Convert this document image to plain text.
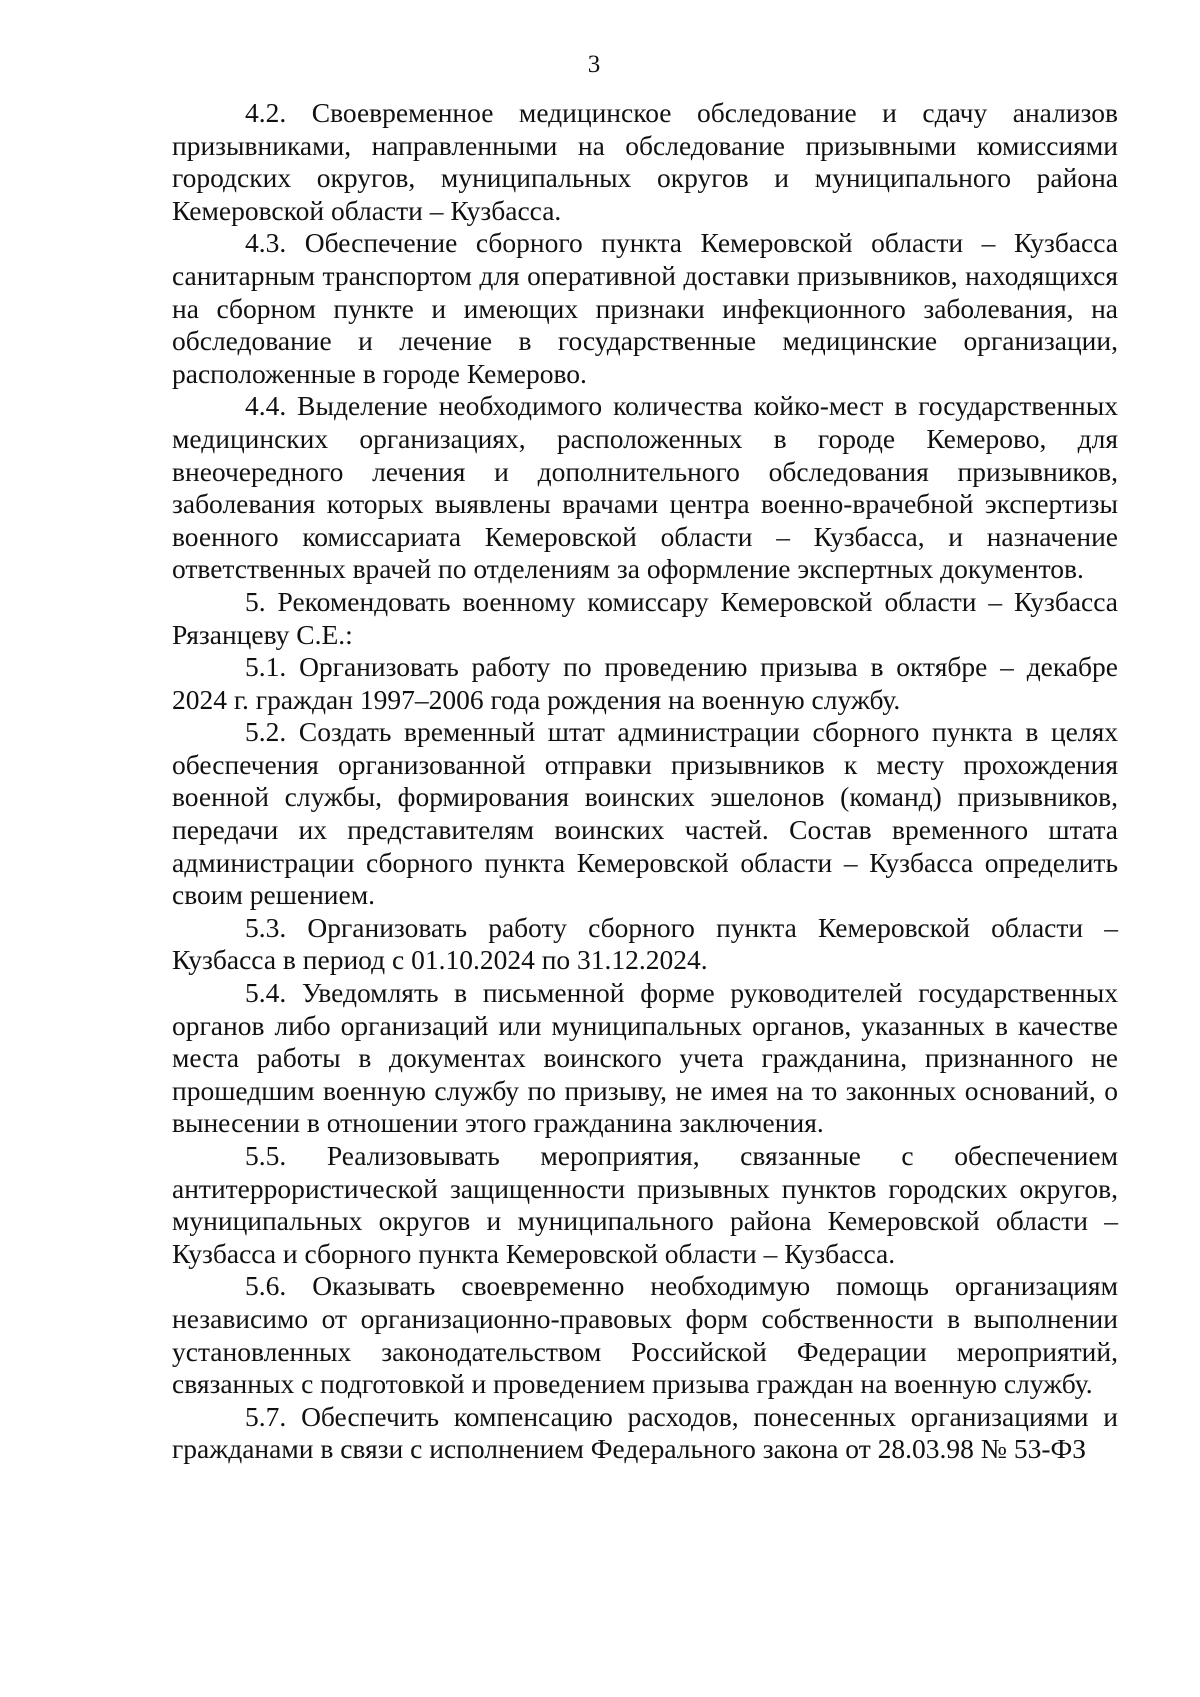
3

4.2. Своевременное медицинское обследование и сдачу анализов призывниками, направленными на обследование призывными комиссиями городских округов, муниципальных округов и муниципального района Кемеровской области – Кузбасса.

4.3. Обеспечение сборного пункта Кемеровской области – Кузбасса санитарным транспортом для оперативной доставки призывников, находящихся на сборном пункте и имеющих признаки инфекционного заболевания, на обследование и лечение в государственные медицинские организации, расположенные в городе Кемерово.

4.4. Выделение необходимого количества койко-мест в государственных медицинских организациях, расположенных в городе Кемерово, для внеочередного лечения и дополнительного обследования призывников, заболевания которых выявлены врачами центра военно-врачебной экспертизы военного комиссариата Кемеровской области – Кузбасса, и назначение ответственных врачей по отделениям за оформление экспертных документов.

5. Рекомендовать военному комиссару Кемеровской области – Кузбасса Рязанцеву С.Е.:

5.1. Организовать работу по проведению призыва в октябре – декабре 2024 г. граждан 1997–2006 года рождения на военную службу.

5.2. Создать временный штат администрации сборного пункта в целях обеспечения организованной отправки призывников к месту прохождения военной службы, формирования воинских эшелонов (команд) призывников, передачи их представителям воинских частей. Состав временного штата администрации сборного пункта Кемеровской области – Кузбасса определить своим решением.

5.3. Организовать работу сборного пункта Кемеровской области – Кузбасса в период с 01.10.2024 по 31.12.2024.

5.4. Уведомлять в письменной форме руководителей государственных органов либо организаций или муниципальных органов, указанных в качестве места работы в документах воинского учета гражданина, признанного не прошедшим военную службу по призыву, не имея на то законных оснований, о вынесении в отношении этого гражданина заключения.

5.5. Реализовывать мероприятия, связанные с обеспечением антитеррористической защищенности призывных пунктов городских округов, муниципальных округов и муниципального района Кемеровской области – Кузбасса и сборного пункта Кемеровской области – Кузбасса.

5.6. Оказывать своевременно необходимую помощь организациям независимо от организационно-правовых форм собственности в выполнении установленных законодательством Российской Федерации мероприятий, связанных с подготовкой и проведением призыва граждан на военную службу.

5.7. Обеспечить компенсацию расходов, понесенных организациями и гражданами в связи с исполнением Федерального закона от 28.03.98 № 53-ФЗ
